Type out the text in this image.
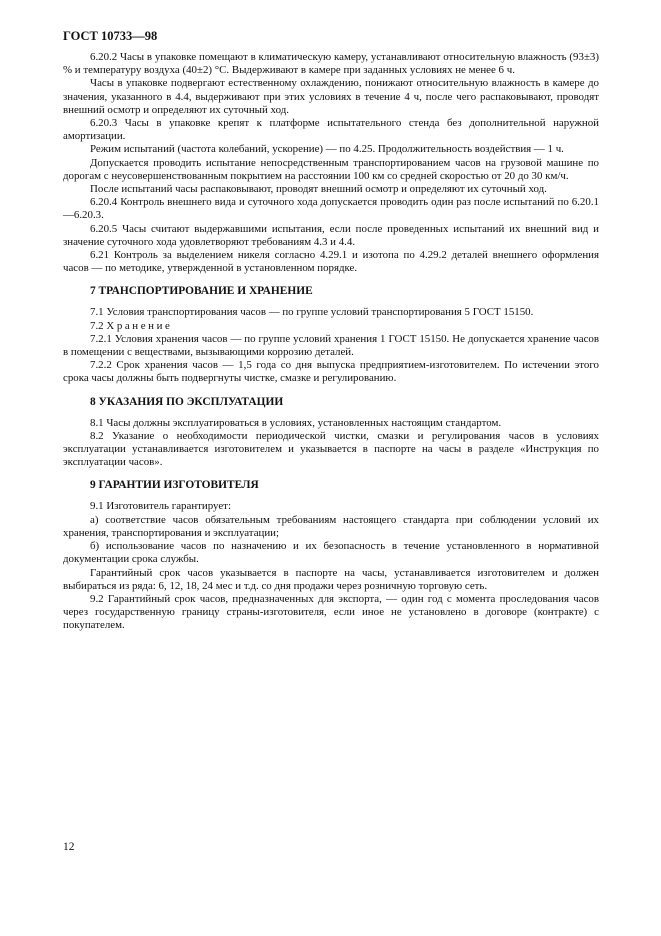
ГОСТ 10733—98

6.20.2 Часы в упаковке помещают в климатическую камеру, устанавливают относительную влажность (93±3) % и температуру воздуха (40±2) °С. Выдерживают в камере при заданных условиях не менее 6 ч.

Часы в упаковке подвергают естественному охлаждению, понижают относительную влажность в камере до значения, указанного в 4.4, выдерживают при этих условиях в течение 4 ч, после чего распаковывают, проводят внешний осмотр и определяют их суточный ход.

6.20.3 Часы в упаковке крепят к платформе испытательного стенда без дополнительной наружной амортизации.

Режим испытаний (частота колебаний, ускорение) — по 4.25. Продолжительность воздействия — 1 ч.

Допускается проводить испытание непосредственным транспортированием часов на грузовой машине по дорогам с неусовершенствованным покрытием на расстоянии 100 км со средней скоростью от 20 до 30 км/ч.

После испытаний часы распаковывают, проводят внешний осмотр и определяют их суточный ход.

6.20.4 Контроль внешнего вида и суточного хода допускается проводить один раз после испытаний по 6.20.1—6.20.3.

6.20.5 Часы считают выдержавшими испытания, если после проведенных испытаний их внешний вид и значение суточного хода удовлетворяют требованиям 4.3 и 4.4.

6.21 Контроль за выделением никеля согласно 4.29.1 и изотопа по 4.29.2 деталей внешнего оформления часов — по методике, утвержденной в установленном порядке.

7 ТРАНСПОРТИРОВАНИЕ И ХРАНЕНИЕ

7.1 Условия транспортирования часов — по группе условий транспортирования 5 ГОСТ 15150.

7.2 Хранение

7.2.1 Условия хранения часов — по группе условий хранения 1 ГОСТ 15150. Не допускается хранение часов в помещении с веществами, вызывающими коррозию деталей.

7.2.2 Срок хранения часов — 1,5 года со дня выпуска предприятием-изготовителем. По истечении этого срока часы должны быть подвергнуты чистке, смазке и регулированию.

8 УКАЗАНИЯ ПО ЭКСПЛУАТАЦИИ

8.1 Часы должны эксплуатироваться в условиях, установленных настоящим стандартом.

8.2 Указание о необходимости периодической чистки, смазки и регулирования часов в условиях эксплуатации устанавливается изготовителем и указывается в паспорте на часы в разделе «Инструкция по эксплуатации часов».

9 ГАРАНТИИ ИЗГОТОВИТЕЛЯ

9.1 Изготовитель гарантирует:

а) соответствие часов обязательным требованиям настоящего стандарта при соблюдении условий их хранения, транспортирования и эксплуатации;

б) использование часов по назначению и их безопасность в течение установленного в нормативной документации срока службы.

Гарантийный срок часов указывается в паспорте на часы, устанавливается изготовителем и должен выбираться из ряда: 6, 12, 18, 24 мес и т.д. со дня продажи через розничную торговую сеть.

9.2 Гарантийный срок часов, предназначенных для экспорта, — один год с момента проследования часов через государственную границу страны-изготовителя, если иное не установлено в договоре (контракте) с покупателем.

12
